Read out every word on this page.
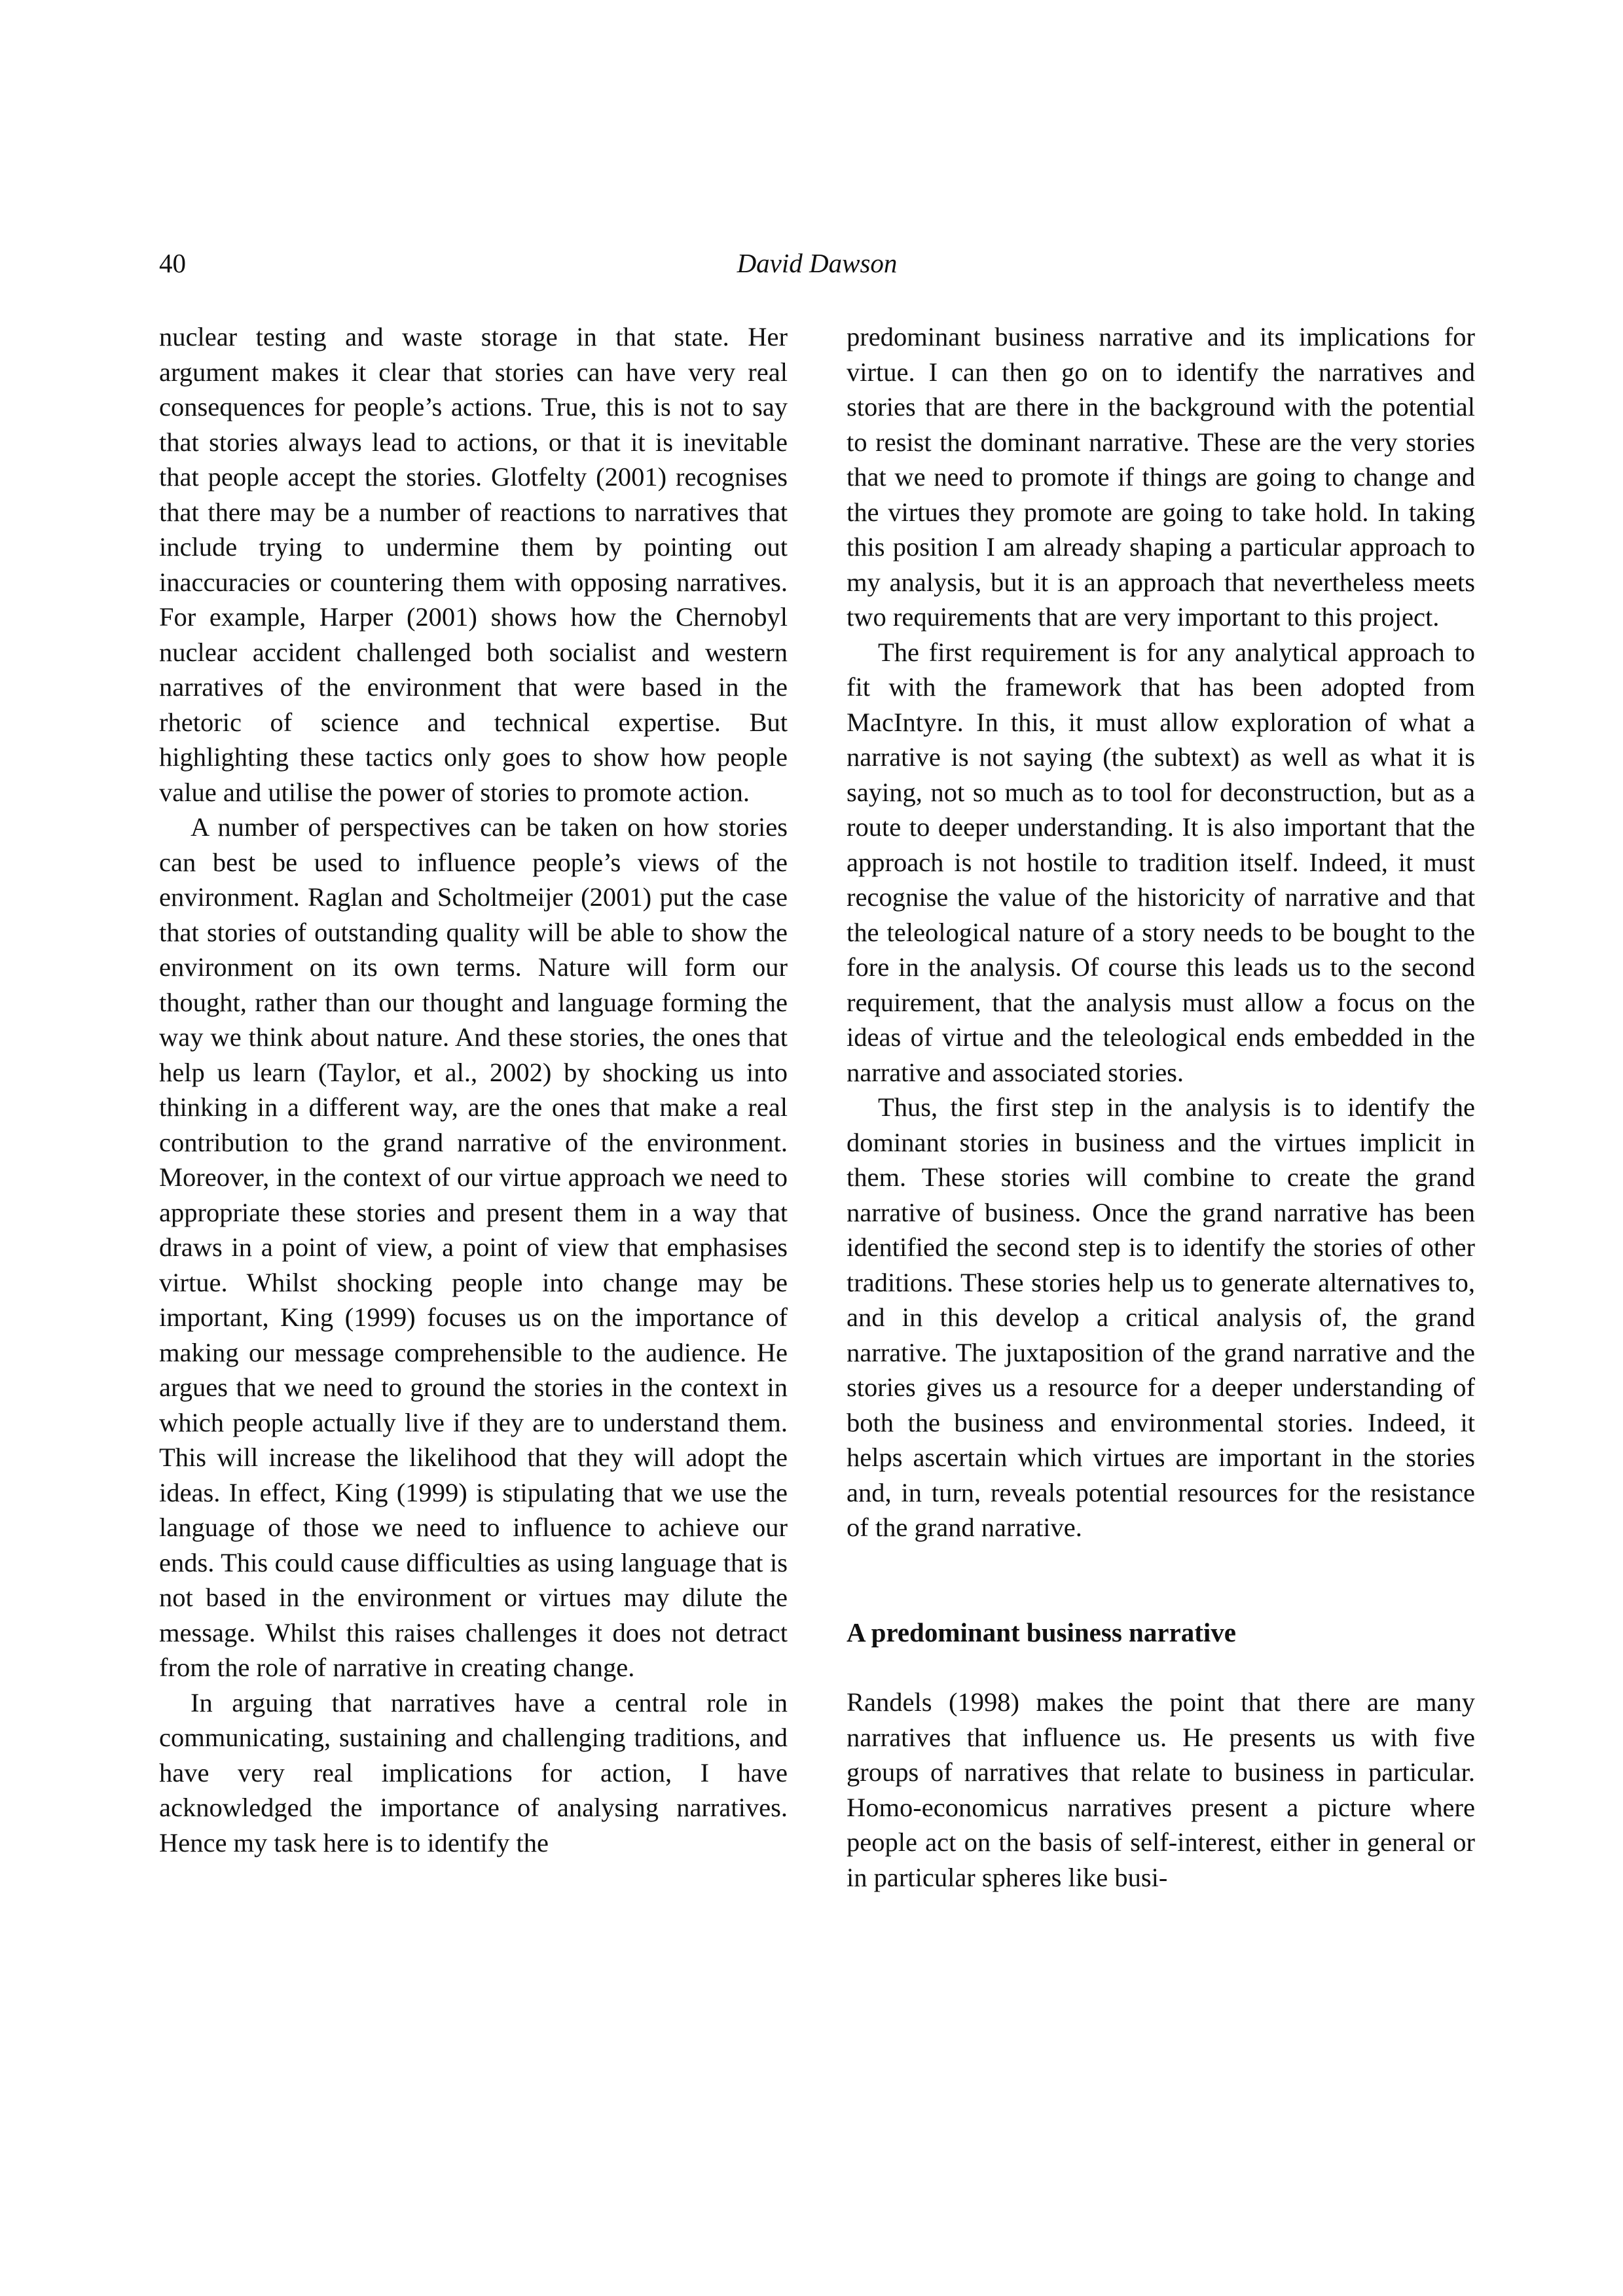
40	David Dawson

nuclear testing and waste storage in that state. Her argument makes it clear that stories can have very real consequences for people’s actions. True, this is not to say that stories always lead to actions, or that it is inevitable that people accept the stories. Glotfelty (2001) recognises that there may be a number of reactions to narratives that include trying to undermine them by pointing out inaccuracies or countering them with opposing narratives. For example, Harper (2001) shows how the Chernobyl nuclear accident challenged both socialist and western narratives of the environment that were based in the rhetoric of science and technical expertise. But highlighting these tactics only goes to show how people value and utilise the power of stories to promote action.

A number of perspectives can be taken on how stories can best be used to influence people’s views of the environment. Raglan and Scholtmeijer (2001) put the case that stories of outstanding quality will be able to show the environment on its own terms. Nature will form our thought, rather than our thought and language forming the way we think about nature. And these stories, the ones that help us learn (Taylor, et al., 2002) by shocking us into thinking in a different way, are the ones that make a real contribution to the grand narrative of the environment. Moreover, in the context of our virtue approach we need to appropriate these stories and present them in a way that draws in a point of view, a point of view that emphasises virtue. Whilst shocking people into change may be important, King (1999) focuses us on the importance of making our message comprehensible to the audience. He argues that we need to ground the stories in the context in which people actually live if they are to understand them. This will increase the likelihood that they will adopt the ideas. In effect, King (1999) is stipulating that we use the language of those we need to influence to achieve our ends. This could cause difficulties as using language that is not based in the environment or virtues may dilute the message. Whilst this raises challenges it does not detract from the role of narrative in creating change.

In arguing that narratives have a central role in communicating, sustaining and challenging traditions, and have very real implications for action, I have acknowledged the importance of analysing narratives. Hence my task here is to identify the

predominant business narrative and its implications for virtue. I can then go on to identify the narratives and stories that are there in the background with the potential to resist the dominant narrative. These are the very stories that we need to promote if things are going to change and the virtues they promote are going to take hold. In taking this position I am already shaping a particular approach to my analysis, but it is an approach that nevertheless meets two requirements that are very important to this project.

The first requirement is for any analytical approach to fit with the framework that has been adopted from MacIntyre. In this, it must allow exploration of what a narrative is not saying (the subtext) as well as what it is saying, not so much as to tool for deconstruction, but as a route to deeper understanding. It is also important that the approach is not hostile to tradition itself. Indeed, it must recognise the value of the historicity of narrative and that the teleological nature of a story needs to be bought to the fore in the analysis. Of course this leads us to the second requirement, that the analysis must allow a focus on the ideas of virtue and the teleological ends embedded in the narrative and associated stories.

Thus, the first step in the analysis is to identify the dominant stories in business and the virtues implicit in them. These stories will combine to create the grand narrative of business. Once the grand narrative has been identified the second step is to identify the stories of other traditions. These stories help us to generate alternatives to, and in this develop a critical analysis of, the grand narrative. The juxtaposition of the grand narrative and the stories gives us a resource for a deeper understanding of both the business and environmental stories. Indeed, it helps ascertain which virtues are important in the stories and, in turn, reveals potential resources for the resistance of the grand narrative.

A predominant business narrative

Randels (1998) makes the point that there are many narratives that influence us. He presents us with five groups of narratives that relate to business in particular. Homo-economicus narratives present a picture where people act on the basis of self-interest, either in general or in particular spheres like busi-
